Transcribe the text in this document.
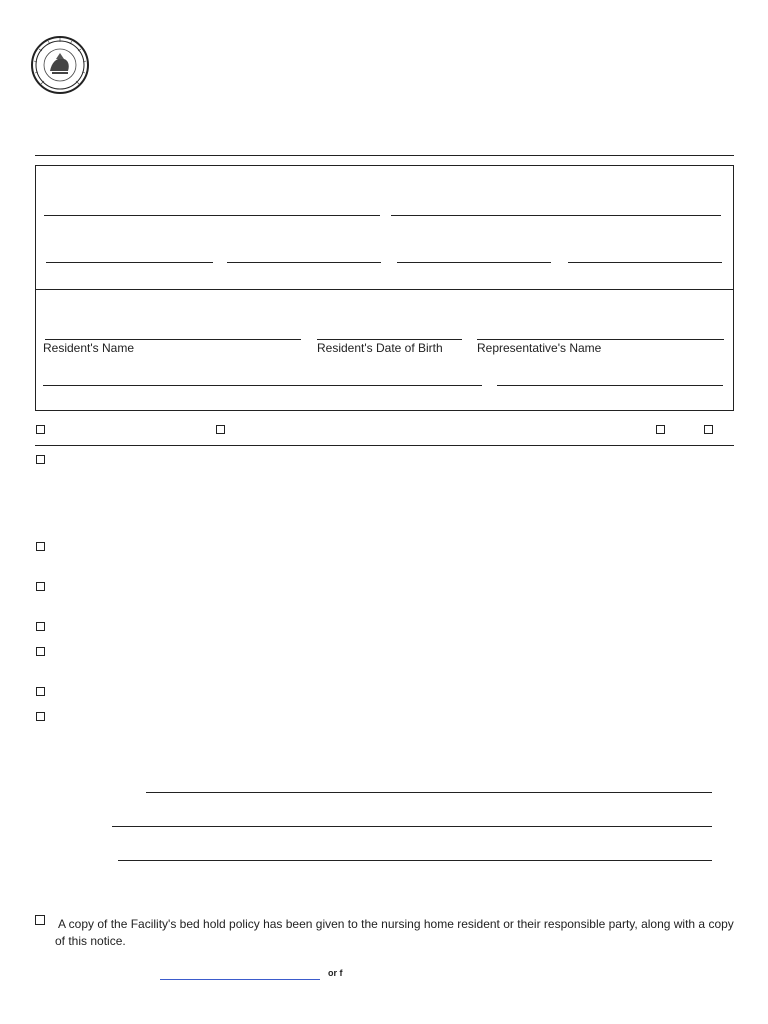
Resident's Name	Resident's Date of Birth	Representative's Name
A copy of the Facility's bed hold policy has been given to the nursing home resident or their responsible party, along with a copy of this notice.
or f
